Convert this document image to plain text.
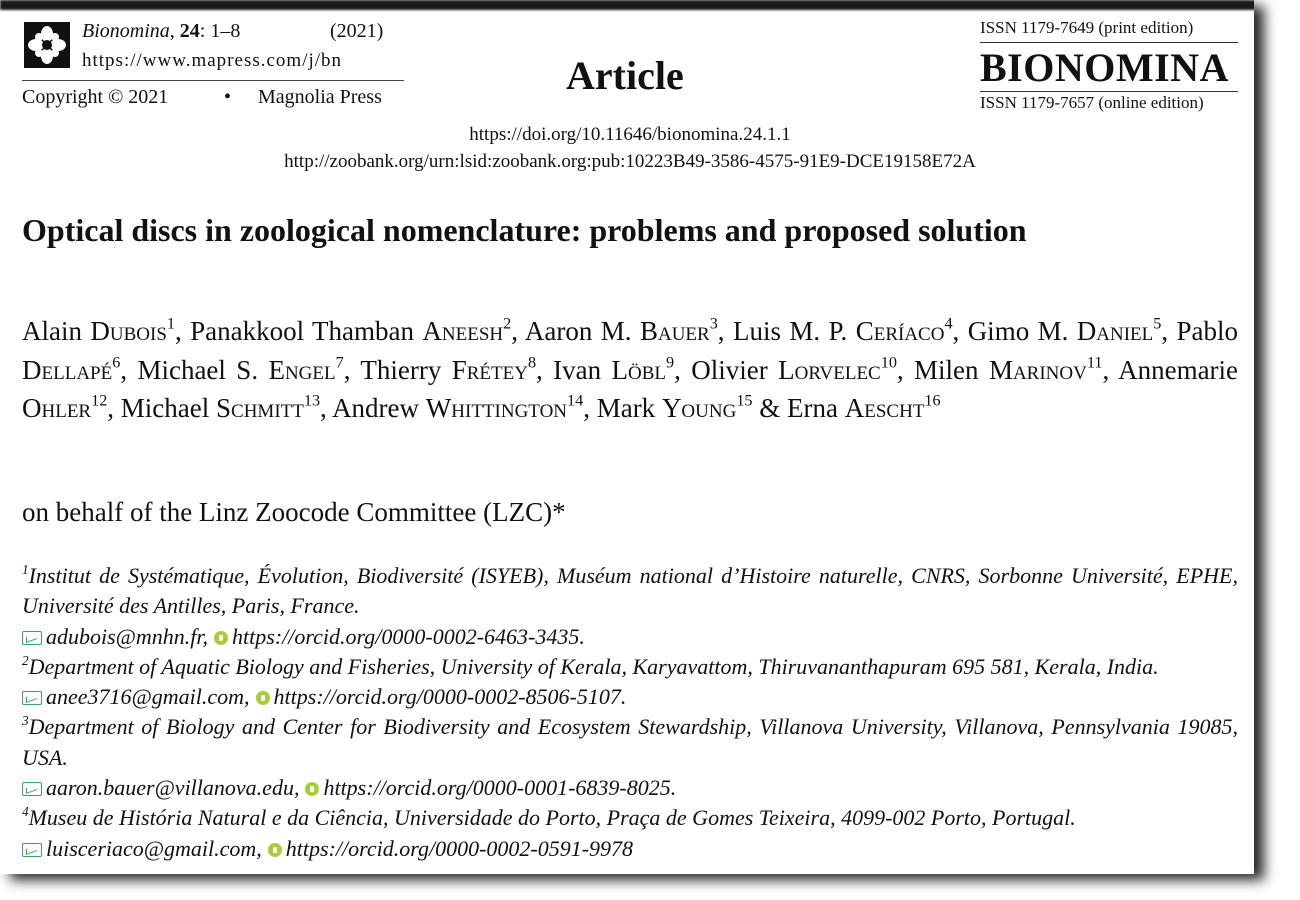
Bionomina, 24: 1–8	(2021)
https://www.mapress.com/j/bn
Copyright © 2021	• Magnolia Press	Article
ISSN 1179-7649 (print edition)
BIONOMINA
ISSN 1179-7657 (online edition)
https://doi.org/10.11646/bionomina.24.1.1
http://zoobank.org/urn:lsid:zoobank.org:pub:10223B49-3586-4575-91E9-DCE19158E72A
Optical discs in zoological nomenclature: problems and proposed solution
Alain Dubois$^1$, Panakkool Thamban Aneesh$^2$, Aaron M. Bauer$^3$, Luis M. P. Ceríaco$^4$, Gimo M. Daniel$^5$, Pablo Dellapé$^6$, Michael S. Engel$^7$, Thierry Frétey$^8$, Ivan Löbl$^9$, Olivier Lorvelec$^{10}$, Milen Marinov$^{11}$, Annemarie Ohler$^{12}$, Michael Schmitt$^{13}$, Andrew Whittington$^{14}$, Mark Young$^{15}$ & Erna Aescht$^{16}$
on behalf of the Linz Zoocode Committee (LZC)*
$^1$Institut de Systématique, Évolution, Biodiversité (ISYEB), Muséum national d’Histoire naturelle, CNRS, Sorbonne Université, EPHE, Université des Antilles, Paris, France.
adubois@mnhn.fr, https://orcid.org/0000-0002-6463-3435.
$^2$Department of Aquatic Biology and Fisheries, University of Kerala, Karyavattom, Thiruvananthapuram 695 581, Kerala, India.
anee3716@gmail.com, https://orcid.org/0000-0002-8506-5107.
$^3$Department of Biology and Center for Biodiversity and Ecosystem Stewardship, Villanova University, Villanova, Pennsylvania 19085, USA.
aaron.bauer@villanova.edu, https://orcid.org/0000-0001-6839-8025.
$^4$Museu de História Natural e da Ciência, Universidade do Porto, Praça de Gomes Teixeira, 4099-002 Porto, Portugal.
luisceriaco@gmail.com, https://orcid.org/0000-0002-0591-9978
